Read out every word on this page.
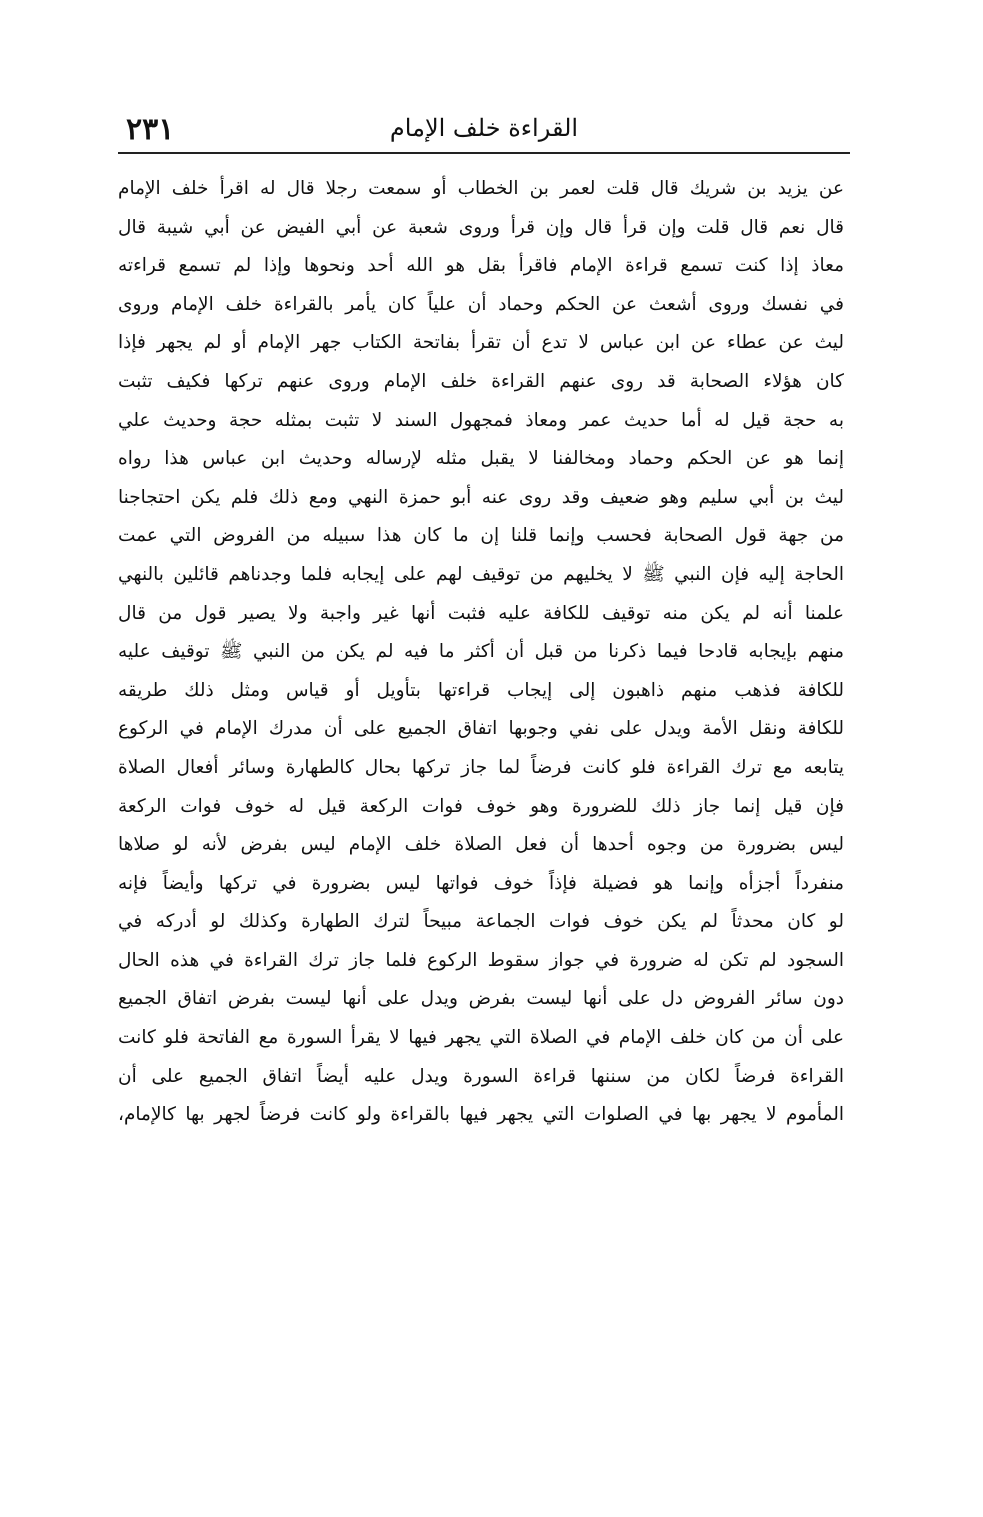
٢٣١	القراءة خلف الإمام
عن يزيد بن شريك قال قلت لعمر بن الخطاب أو سمعت رجلا قال له اقرأ خلف الإمام
قال نعم قال قلت وإن قرأ قال وإن قرأ وروى شعبة عن أبي الفيض عن أبي شيبة قال
معاذ إذا كنت تسمع قراءة الإمام فاقرأ بقل هو الله أحد ونحوها وإذا لم تسمع قراءته
في نفسك وروى أشعث عن الحكم وحماد أن علياً كان يأمر بالقراءة خلف الإمام وروى
ليث عن عطاء عن ابن عباس لا تدع أن تقرأ بفاتحة الكتاب جهر الإمام أو لم يجهر فإذا
كان هؤلاء الصحابة قد روى عنهم القراءة خلف الإمام وروى عنهم تركها فكيف تثبت
به حجة قيل له أما حديث عمر ومعاذ فمجهول السند لا تثبت بمثله حجة وحديث علي
إنما هو عن الحكم وحماد ومخالفنا لا يقبل مثله لإرساله وحديث ابن عباس هذا رواه
ليث بن أبي سليم وهو ضعيف وقد روى عنه أبو حمزة النهي ومع ذلك فلم يكن احتجاجنا
من جهة قول الصحابة فحسب وإنما قلنا إن ما كان هذا سبيله من الفروض التي عمت
الحاجة إليه فإن النبي ﷺ لا يخليهم من توقيف لهم على إيجابه فلما وجدناهم قائلين بالنهي
علمنا أنه لم يكن منه توقيف للكافة عليه فثبت أنها غير واجبة ولا يصير قول من قال
منهم بإيجابه قادحا فيما ذكرنا من قبل أن أكثر ما فيه لم يكن من النبي ﷺ توقيف عليه
للكافة فذهب منهم ذاهبون إلى إيجاب قراءتها بتأويل أو قياس ومثل ذلك طريقه
للكافة ونقل الأمة ويدل على نفي وجوبها اتفاق الجميع على أن مدرك الإمام في الركوع
يتابعه مع ترك القراءة فلو كانت فرضاً لما جاز تركها بحال كالطهارة وسائر أفعال الصلاة
فإن قيل إنما جاز ذلك للضرورة وهو خوف فوات الركعة قيل له خوف فوات الركعة
ليس بضرورة من وجوه أحدها أن فعل الصلاة خلف الإمام ليس بفرض لأنه لو صلاها
منفرداً أجزأه وإنما هو فضيلة فإذاً خوف فواتها ليس بضرورة في تركها وأيضاً فإنه
لو كان محدثاً لم يكن خوف فوات الجماعة مبيحاً لترك الطهارة وكذلك لو أدركه في
السجود لم تكن له ضرورة في جواز سقوط الركوع فلما جاز ترك القراءة في هذه الحال
دون سائر الفروض دل على أنها ليست بفرض ويدل على أنها ليست بفرض اتفاق الجميع
على أن من كان خلف الإمام في الصلاة التي يجهر فيها لا يقرأ السورة مع الفاتحة فلو كانت
القراءة فرضاً لكان من سننها قراءة السورة ويدل عليه أيضاً اتفاق الجميع على أن
المأموم لا يجهر بها في الصلوات التي يجهر فيها بالقراءة ولو كانت فرضاً لجهر بها كالإمام،
